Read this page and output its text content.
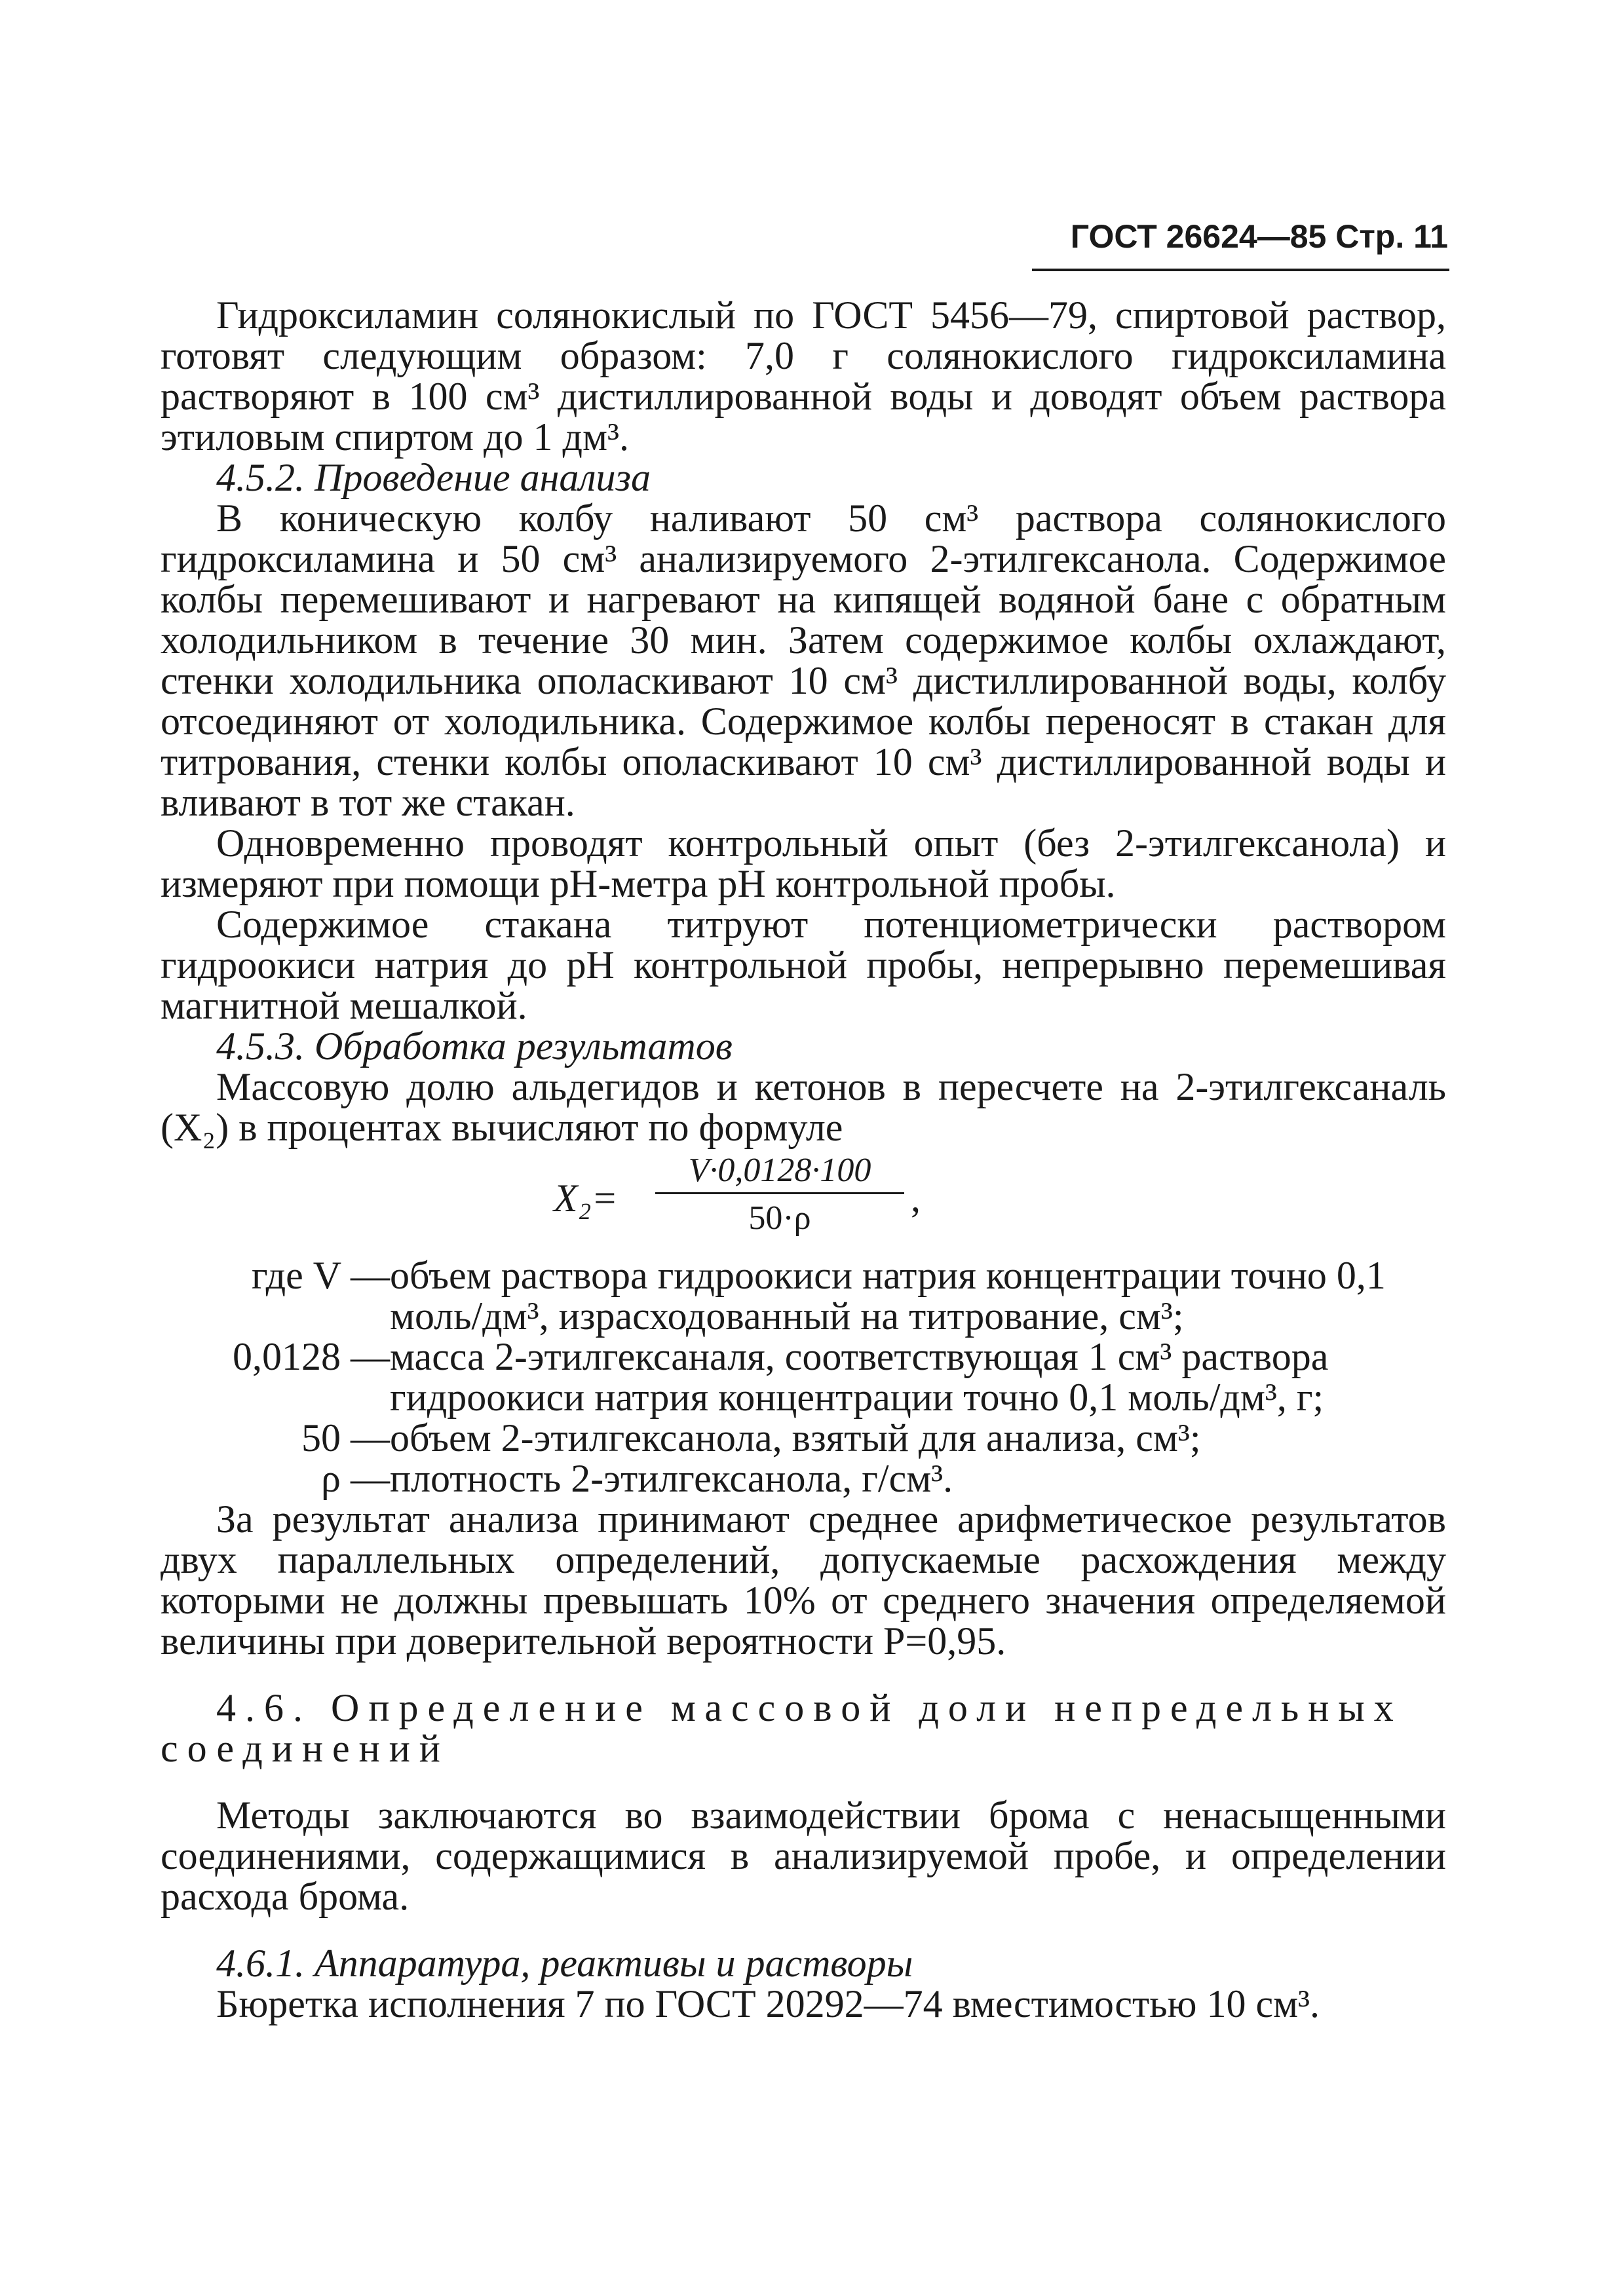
ГОСТ 26624—85 Стр. 11

Гидроксиламин солянокислый по ГОСТ 5456—79, спиртовой раствор, готовят следующим образом: 7,0 г солянокислого гидроксиламина растворяют в 100 см³ дистиллированной воды и доводят объем раствора этиловым спиртом до 1 дм³.

4.5.2. Проведение анализа

В коническую колбу наливают 50 см³ раствора солянокислого гидроксиламина и 50 см³ анализируемого 2-этилгексанола. Содержимое колбы перемешивают и нагревают на кипящей водяной бане с обратным холодильником в течение 30 мин. Затем содержимое колбы охлаждают, стенки холодильника ополаскивают 10 см³ дистиллированной воды, колбу отсоединяют от холодильника. Содержимое колбы переносят в стакан для титрования, стенки колбы ополаскивают 10 см³ дистиллированной воды и вливают в тот же стакан.

Одновременно проводят контрольный опыт (без 2-этилгексанола) и измеряют при помощи pH-метра pH контрольной пробы.

Содержимое стакана титруют потенциометрически раствором гидроокиси натрия до pH контрольной пробы, непрерывно перемешивая магнитной мешалкой.

4.5.3. Обработка результатов

Массовую долю альдегидов и кетонов в пересчете на 2-этилгексаналь (X₂) в процентах вычисляют по формуле

X₂=
V·0,0128·100
50·ρ	,
где V — объем раствора гидроокиси натрия концентрации точно 0,1 моль/дм³, израсходованный на титрование, см³;
0,0128 — масса 2-этилгексаналя, соответствующая 1 см³ раствора гидроокиси натрия концентрации точно 0,1 моль/дм³, г;
50 — объем 2-этилгексанола, взятый для анализа, см³;
ρ — плотность 2-этилгексанола, г/см³.

За результат анализа принимают среднее арифметическое результатов двух параллельных определений, допускаемые расхождения между которыми не должны превышать 10% от среднего значения определяемой величины при доверительной вероятности P=0,95.

4.6. Определение массовой доли непредельных соединений

Методы заключаются во взаимодействии брома с ненасыщенными соединениями, содержащимися в анализируемой пробе, и определении расхода брома.

4.6.1. Аппаратура, реактивы и растворы

Бюретка исполнения 7 по ГОСТ 20292—74 вместимостью 10 см³.
